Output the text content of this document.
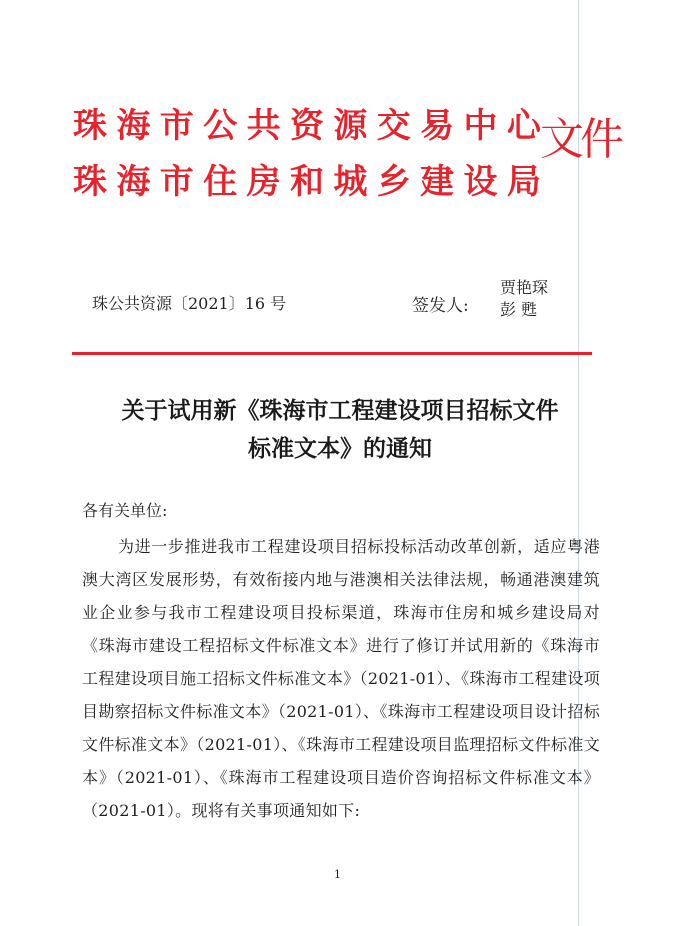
珠 海 市 公 共 资 源 交 易 中 心
珠 海 市 住 房 和 城 乡 建 设 局
文件
珠公共资源〔2021〕16 号	签发人:
贾艳琛
彭 甦
关于试用新《珠海市工程建设项目招标文件
标准文本》的通知
各有关单位:
为进一步推进我市工程建设项目招标投标活动改革创新，适应粤港澳大湾区发展形势，有效衔接内地与港澳相关法律法规，畅通港澳建筑业企业参与我市工程建设项目投标渠道，珠海市住房和城乡建设局对《珠海市建设工程招标文件标准文本》进行了修订并试用新的《珠海市工程建设项目施工招标文件标准文本》（2021-01）、《珠海市工程建设项目勘察招标文件标准文本》（2021-01）、《珠海市工程建设项目设计招标文件标准文本》（2021-01）、《珠海市工程建设项目监理招标文件标准文本》（2021-01）、《珠海市工程建设项目造价咨询招标文件标准文本》（2021-01）。现将有关事项通知如下:
1
